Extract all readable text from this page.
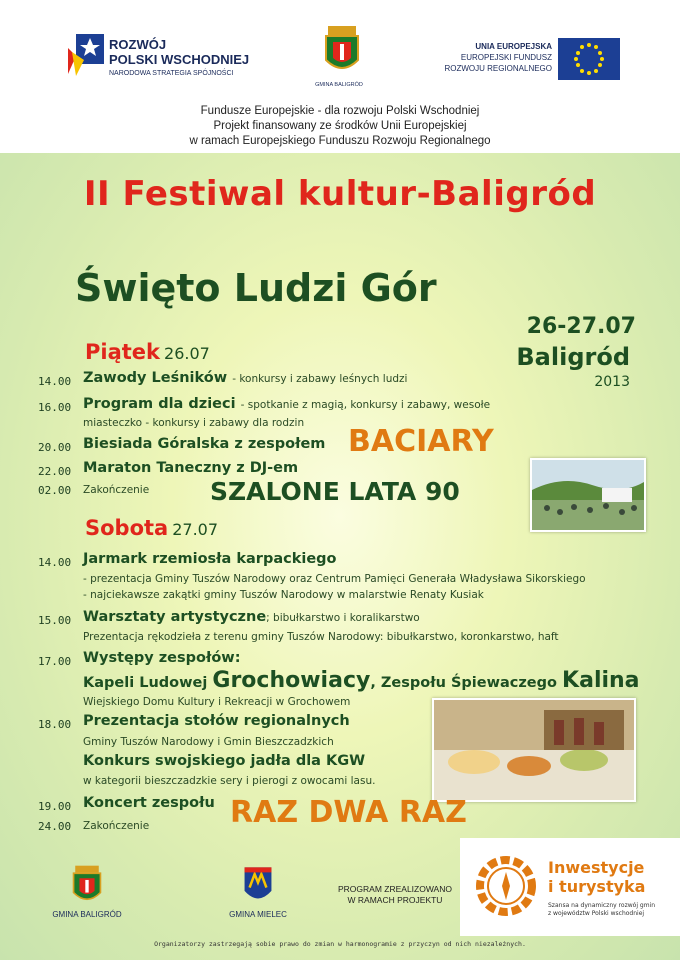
ROZWÓJ
POLSKI WSCHODNIEJ
NARODOWA STRATEGIA SPÓJNOŚCI
GMINA BALIGRÓD
UNIA EUROPEJSKA
EUROPEJSKI FUNDUSZ
ROZWOJU REGIONALNEGO
Fundusze Europejskie - dla rozwoju Polski Wschodniej
Projekt finansowany ze środków Unii Europejskiej
w ramach Europejskiego Funduszu Rozwoju Regionalnego
II Festiwal kultur-Baligród
Święto Ludzi Gór
26-27.07
Baligród
2013
Piątek 26.07
14.00 Zawody Leśników - konkursy i zabawy leśnych ludzi
16.00 Program dla dzieci - spotkanie z magią, konkursy i zabawy, wesołe
miasteczko - konkursy i zabawy dla rodzin
20.00 Biesiada Góralska z zespołem BACIARY
22.00 Maraton Taneczny z DJ-em
02.00 Zakończenie SZALONE LATA 90
Sobota 27.07
14.00 Jarmark rzemiosła karpackiego
- prezentacja Gminy Tuszów Narodowy oraz Centrum Pamięci Generała Władysława Sikorskiego
- najciekawsze zakątki gminy Tuszów Narodowy w malarstwie Renaty Kusiak
15.00 Warsztaty artystyczne; bibułkarstwo i koralikarstwo
Prezentacja rękodzieła z terenu gminy Tuszów Narodowy: bibułkarstwo, koronkarstwo, haft
17.00 Występy zespołów:
Kapeli Ludowej Grochowiacy, Zespołu Śpiewaczego Kalina
Wiejskiego Domu Kultury i Rekreacji w Grochowem
18.00 Prezentacja stołów regionalnych
Gminy Tuszów Narodowy i Gmin Bieszczadzkich
Konkurs swojskiego jadła dla KGW
w kategorii bieszczadzkie sery i pierogi z owocami lasu.
19.00 Koncert zespołu RAZ DWA RAZ
24.00 Zakończenie
GMINA BALIGRÓD	GMINA MIELEC
PROGRAM ZREALIZOWANO
W RAMACH PROJEKTU
Inwestycje
i turystyka
Szansa na dynamiczny rozwój gmin
z województw Polski wschodniej
Organizatorzy zastrzegają sobie prawo do zmian w harmonogramie z przyczyn od nich niezależnych.
